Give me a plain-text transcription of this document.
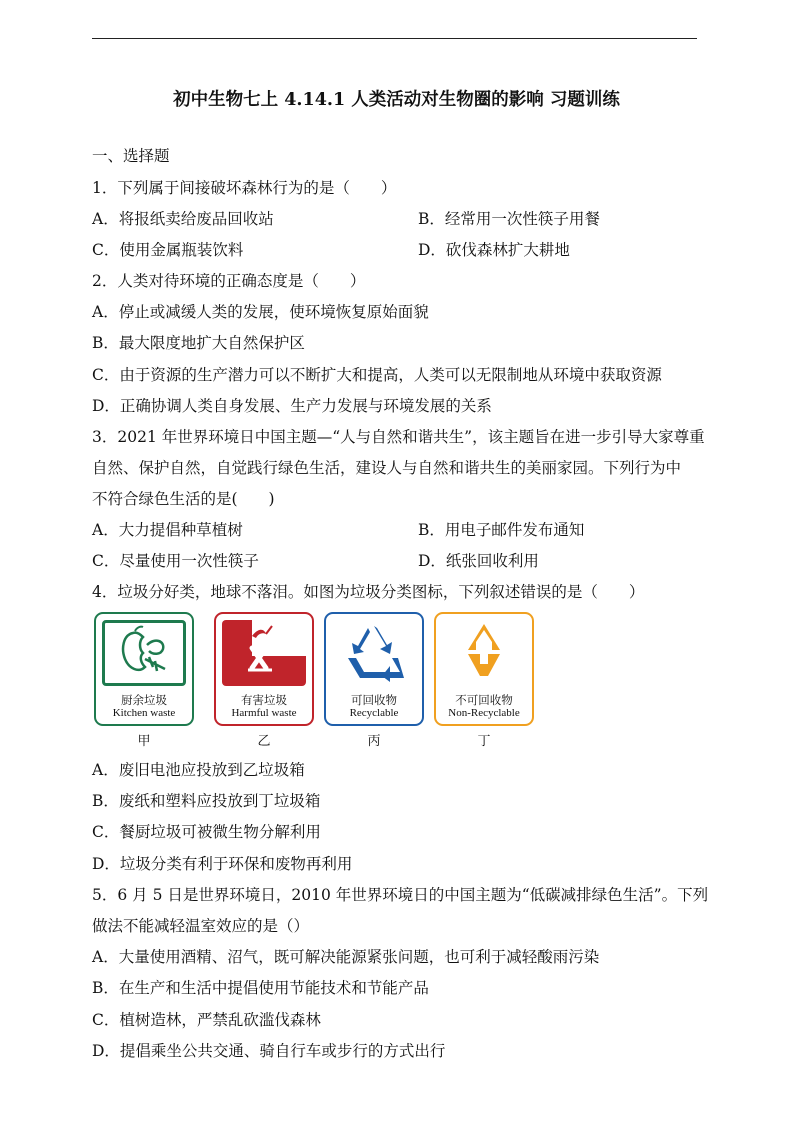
初中生物七上 4.14.1 人类活动对生物圈的影响 习题训练
一、选择题
1．下列属于间接破坏森林行为的是（　　）
A．将报纸卖给废品回收站	B．经常用一次性筷子用餐
C．使用金属瓶装饮料	D．砍伐森林扩大耕地
2．人类对待环境的正确态度是（　　）
A．停止或减缓人类的发展，使环境恢复原始面貌
B．最大限度地扩大自然保护区
C．由于资源的生产潜力可以不断扩大和提高，人类可以无限制地从环境中获取资源
D．正确协调人类自身发展、生产力发展与环境发展的关系
3．2021 年世界环境日中国主题—“人与自然和谐共生”，该主题旨在进一步引导大家尊重
自然、保护自然，自觉践行绿色生活，建设人与自然和谐共生的美丽家园。下列行为中
不符合绿色生活的是(　　)
A．大力提倡种草植树	B．用电子邮件发布通知
C．尽量使用一次性筷子	D．纸张回收利用
4．垃圾分好类，地球不落泪。如图为垃圾分类图标，下列叙述错误的是（　　）
厨余垃圾
Kitchen waste
有害垃圾
Harmful waste
可回收物
Recyclable
不可回收物
Non-Recyclable
甲	乙	丙	丁
A．废旧电池应投放到乙垃圾箱
B．废纸和塑料应投放到丁垃圾箱
C．餐厨垃圾可被微生物分解利用
D．垃圾分类有利于环保和废物再利用
5．6 月 5 日是世界环境日，2010 年世界环境日的中国主题为“低碳减排绿色生活”。下列
做法不能减轻温室效应的是（）
A．大量使用酒精、沼气，既可解决能源紧张问题，也可利于减轻酸雨污染
B．在生产和生活中提倡使用节能技术和节能产品
C．植树造林，严禁乱砍滥伐森林
D．提倡乘坐公共交通、骑自行车或步行的方式出行
